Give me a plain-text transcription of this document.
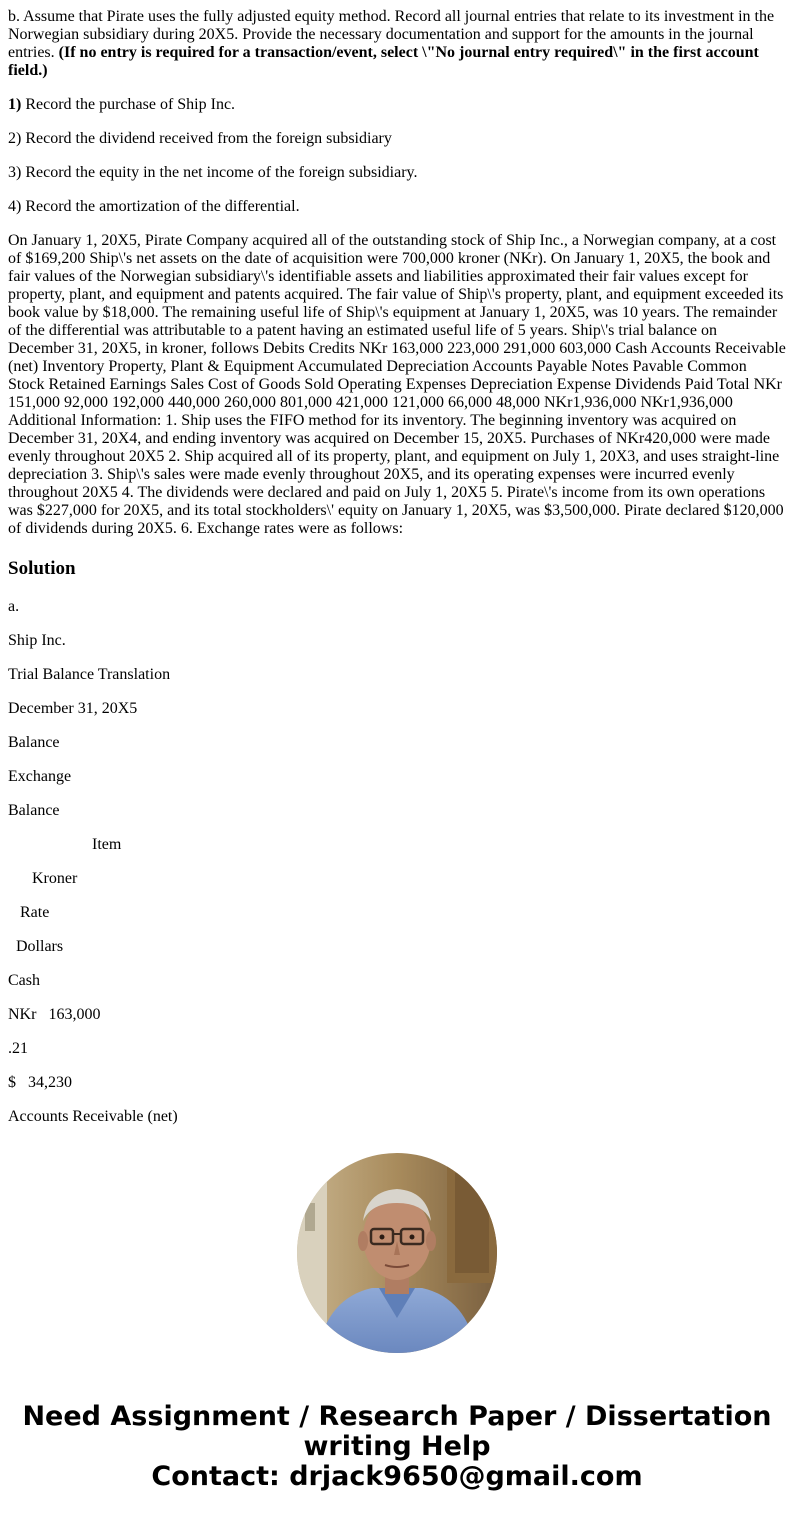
b. Assume that Pirate uses the fully adjusted equity method. Record all journal entries that relate to its investment in the Norwegian subsidiary during 20X5. Provide the necessary documentation and support for the amounts in the journal entries. (If no entry is required for a transaction/event, select \"No journal entry required\" in the first account field.)

1) Record the purchase of Ship Inc.

2) Record the dividend received from the foreign subsidiary

3) Record the equity in the net income of the foreign subsidiary.

4) Record the amortization of the differential.

On January 1, 20X5, Pirate Company acquired all of the outstanding stock of Ship Inc., a Norwegian company, at a cost of $169,200 Ship\'s net assets on the date of acquisition were 700,000 kroner (NKr). On January 1, 20X5, the book and fair values of the Norwegian subsidiary\'s identifiable assets and liabilities approximated their fair values except for property, plant, and equipment and patents acquired. The fair value of Ship\'s property, plant, and equipment exceeded its book value by $18,000. The remaining useful life of Ship\'s equipment at January 1, 20X5, was 10 years. The remainder of the differential was attributable to a patent having an estimated useful life of 5 years. Ship\'s trial balance on December 31, 20X5, in kroner, follows Debits Credits NKr 163,000 223,000 291,000 603,000 Cash Accounts Receivable (net) Inventory Property, Plant & Equipment Accumulated Depreciation Accounts Payable Notes Pavable Common Stock Retained Earnings Sales Cost of Goods Sold Operating Expenses Depreciation Expense Dividends Paid Total NKr 151,000 92,000 192,000 440,000 260,000 801,000 421,000 121,000 66,000 48,000 NKr1,936,000 NKr1,936,000 Additional Information: 1. Ship uses the FIFO method for its inventory. The beginning inventory was acquired on December 31, 20X4, and ending inventory was acquired on December 15, 20X5. Purchases of NKr420,000 were made evenly throughout 20X5 2. Ship acquired all of its property, plant, and equipment on July 1, 20X3, and uses straight-line depreciation 3. Ship\'s sales were made evenly throughout 20X5, and its operating expenses were incurred evenly throughout 20X5 4. The dividends were declared and paid on July 1, 20X5 5. Pirate\'s income from its own operations was $227,000 for 20X5, and its total stockholders\' equity on January 1, 20X5, was $3,500,000. Pirate declared $120,000 of dividends during 20X5. 6. Exchange rates were as follows:

Solution

a.

Ship Inc.

Trial Balance Translation

December 31, 20X5

Balance

Exchange

Balance

Item

Kroner

Rate

Dollars

Cash

NKr   163,000

.21

$   34,230

Accounts Receivable (net)

Need Assignment / Research Paper / Dissertation
writing Help
Contact: drjack9650@gmail.com
